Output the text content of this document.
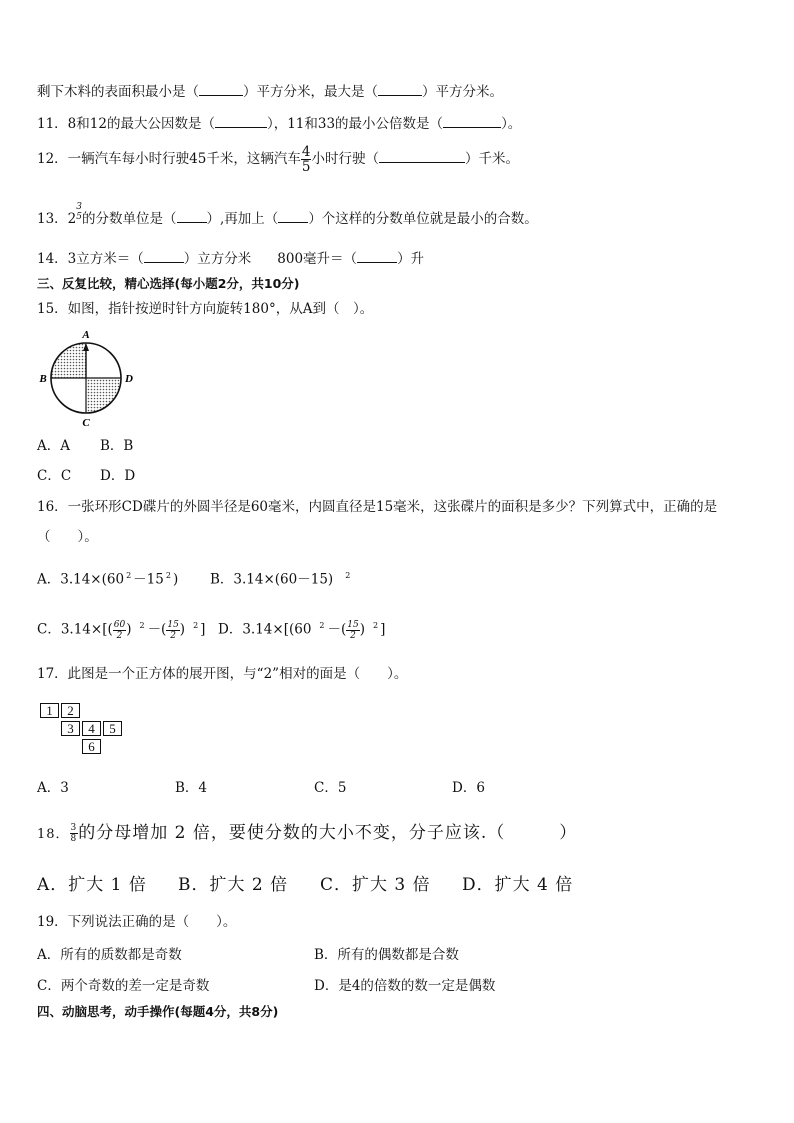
剩下木料的表面积最小是（	）平方分米，最大是（	）平方分米。
11．8和12的最大公因数是（	），11和33的最小公倍数是（	）。
12．一辆汽车每小时行驶45千米，这辆汽车 $\frac{4}{5}$ 小时行驶（	）千米。
13．23
5 的分数单位是（ ）,再加上（ ）个这样的分数单位就是最小的合数。
14．3立方米＝（	）立方分米 800毫升＝（	）升
三、反复比较，精心选择(每小题2分，共10分)
15．如图，指针按逆时针方向旋转180°，从A到（　）。
A
B	D
C
A．A B．B
C．C D．D
16．一张环形CD碟片的外圆半径是60毫米，内圆直径是15毫米，这张碟片的面积是多少？下列算式中，正确的是
（　　）。
A．3.14×(60 $^2$ －15 $^2$ ) B．3.14×(60－15) $^2$
C．$3.14\times[( \frac{60}{2}$ ) $^2$ －( $\frac{15}{2}$ ) $^2$ ] D．3.14×[(60 $^2$ －( $\frac{15}{2}$ ) $^2$ ]
17．此图是一个正方体的展开图，与“2”相对的面是（　　）。
1	2
3	4	5
6
A．3	B．4	C．5	D．6
18． $\frac{3}{8}$ 的分母增加 2 倍，要使分数的大小不变，分子应该.（　　　）
A．扩大 1 倍 B．扩大 2 倍 C．扩大 3 倍 D．扩大 4 倍
19．下列说法正确的是（　　）。
A．所有的质数都是奇数	B．所有的偶数都是合数
C．两个奇数的差一定是奇数	D．是4的倍数的数一定是偶数
四、动脑思考，动手操作(每题4分，共8分)
